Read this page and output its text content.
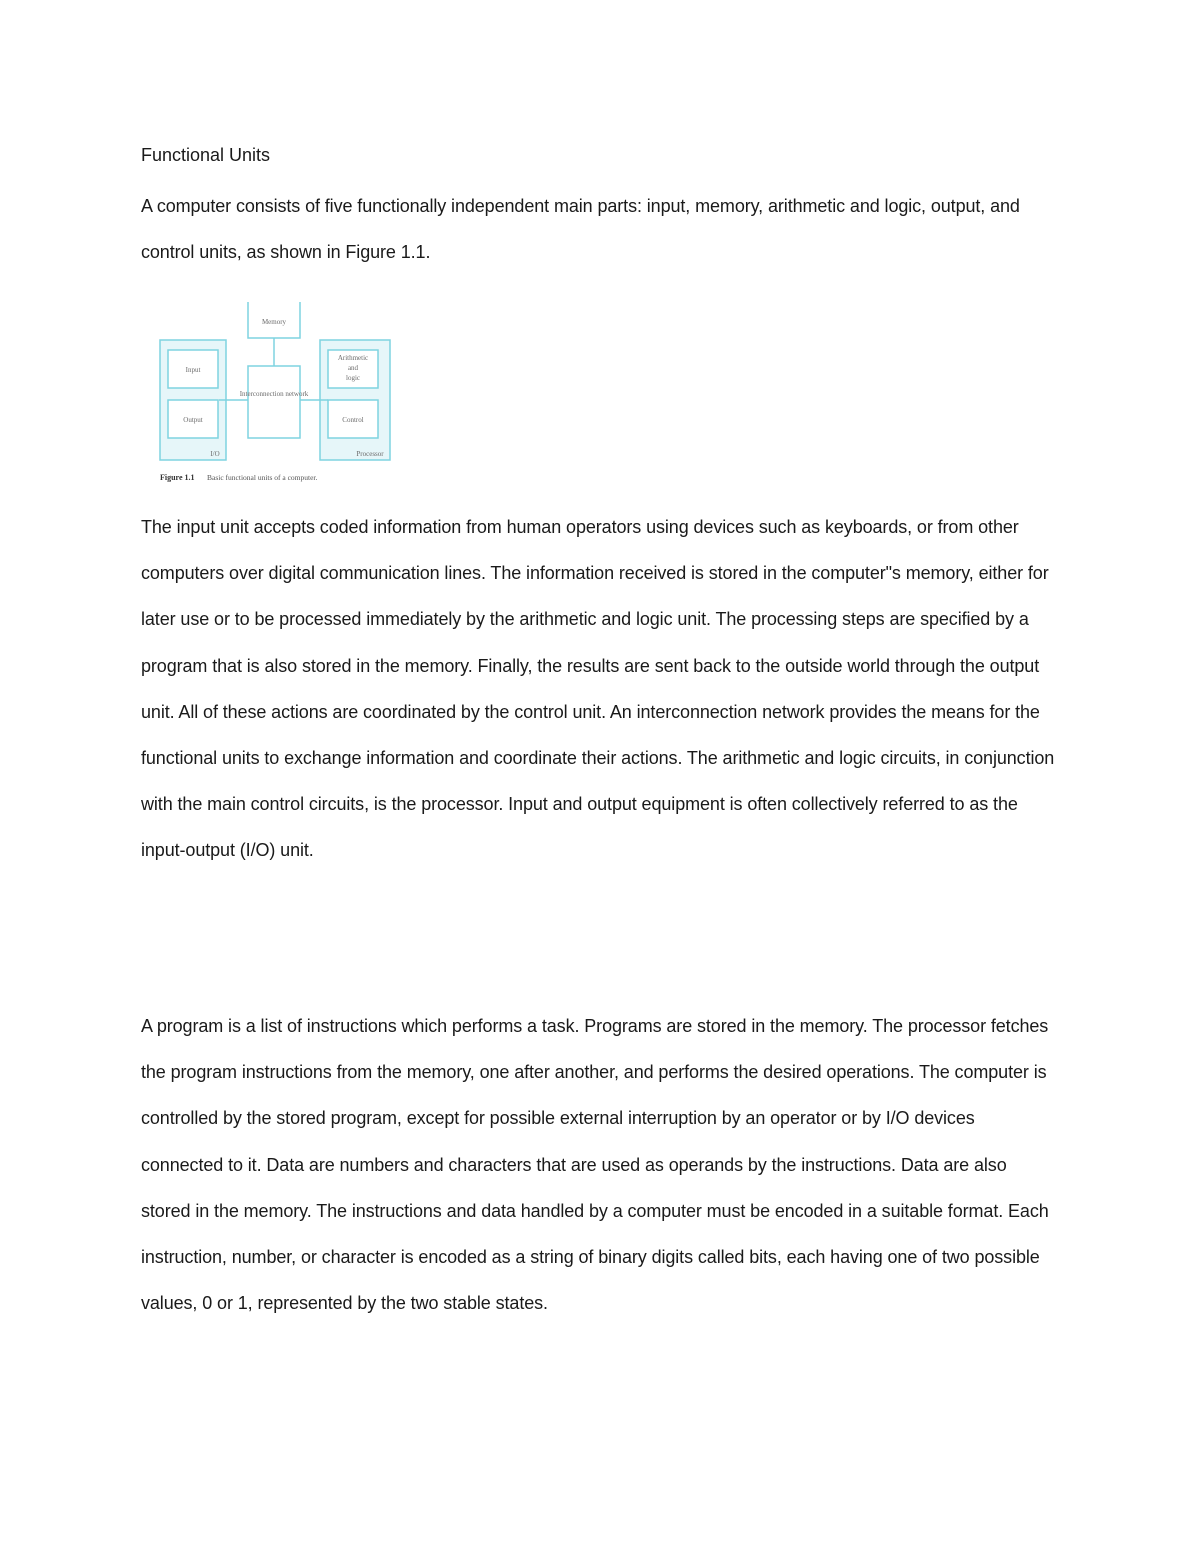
Functional Units
A computer consists of five functionally independent main parts: input, memory, arithmetic and logic, output, and control units, as shown in Figure 1.1.
Memory
Input
Output
Interconnection network
Arithmetic
and
logic
Control
I/O	Processor
Figure 1.1 Basic functional units of a computer.
The input unit accepts coded information from human operators using devices such as keyboards, or from other computers over digital communication lines. The information received is stored in the computer"s memory, either for later use or to be processed immediately by the arithmetic and logic unit. The processing steps are specified by a program that is also stored in the memory. Finally, the results are sent back to the outside world through the output unit. All of these actions are coordinated by the control unit. An interconnection network provides the means for the functional units to exchange information and coordinate their actions. The arithmetic and logic circuits, in conjunction with the main control circuits, is the processor. Input and output equipment is often collectively referred to as the input-output (I/O) unit.
A program is a list of instructions which performs a task. Programs are stored in the memory. The processor fetches the program instructions from the memory, one after another, and performs the desired operations. The computer is controlled by the stored program, except for possible external interruption by an operator or by I/O devices connected to it. Data are numbers and characters that are used as operands by the instructions. Data are also stored in the memory. The instructions and data handled by a computer must be encoded in a suitable format. Each instruction, number, or character is encoded as a string of binary digits called bits, each having one of two possible values, 0 or 1, represented by the two stable states.
